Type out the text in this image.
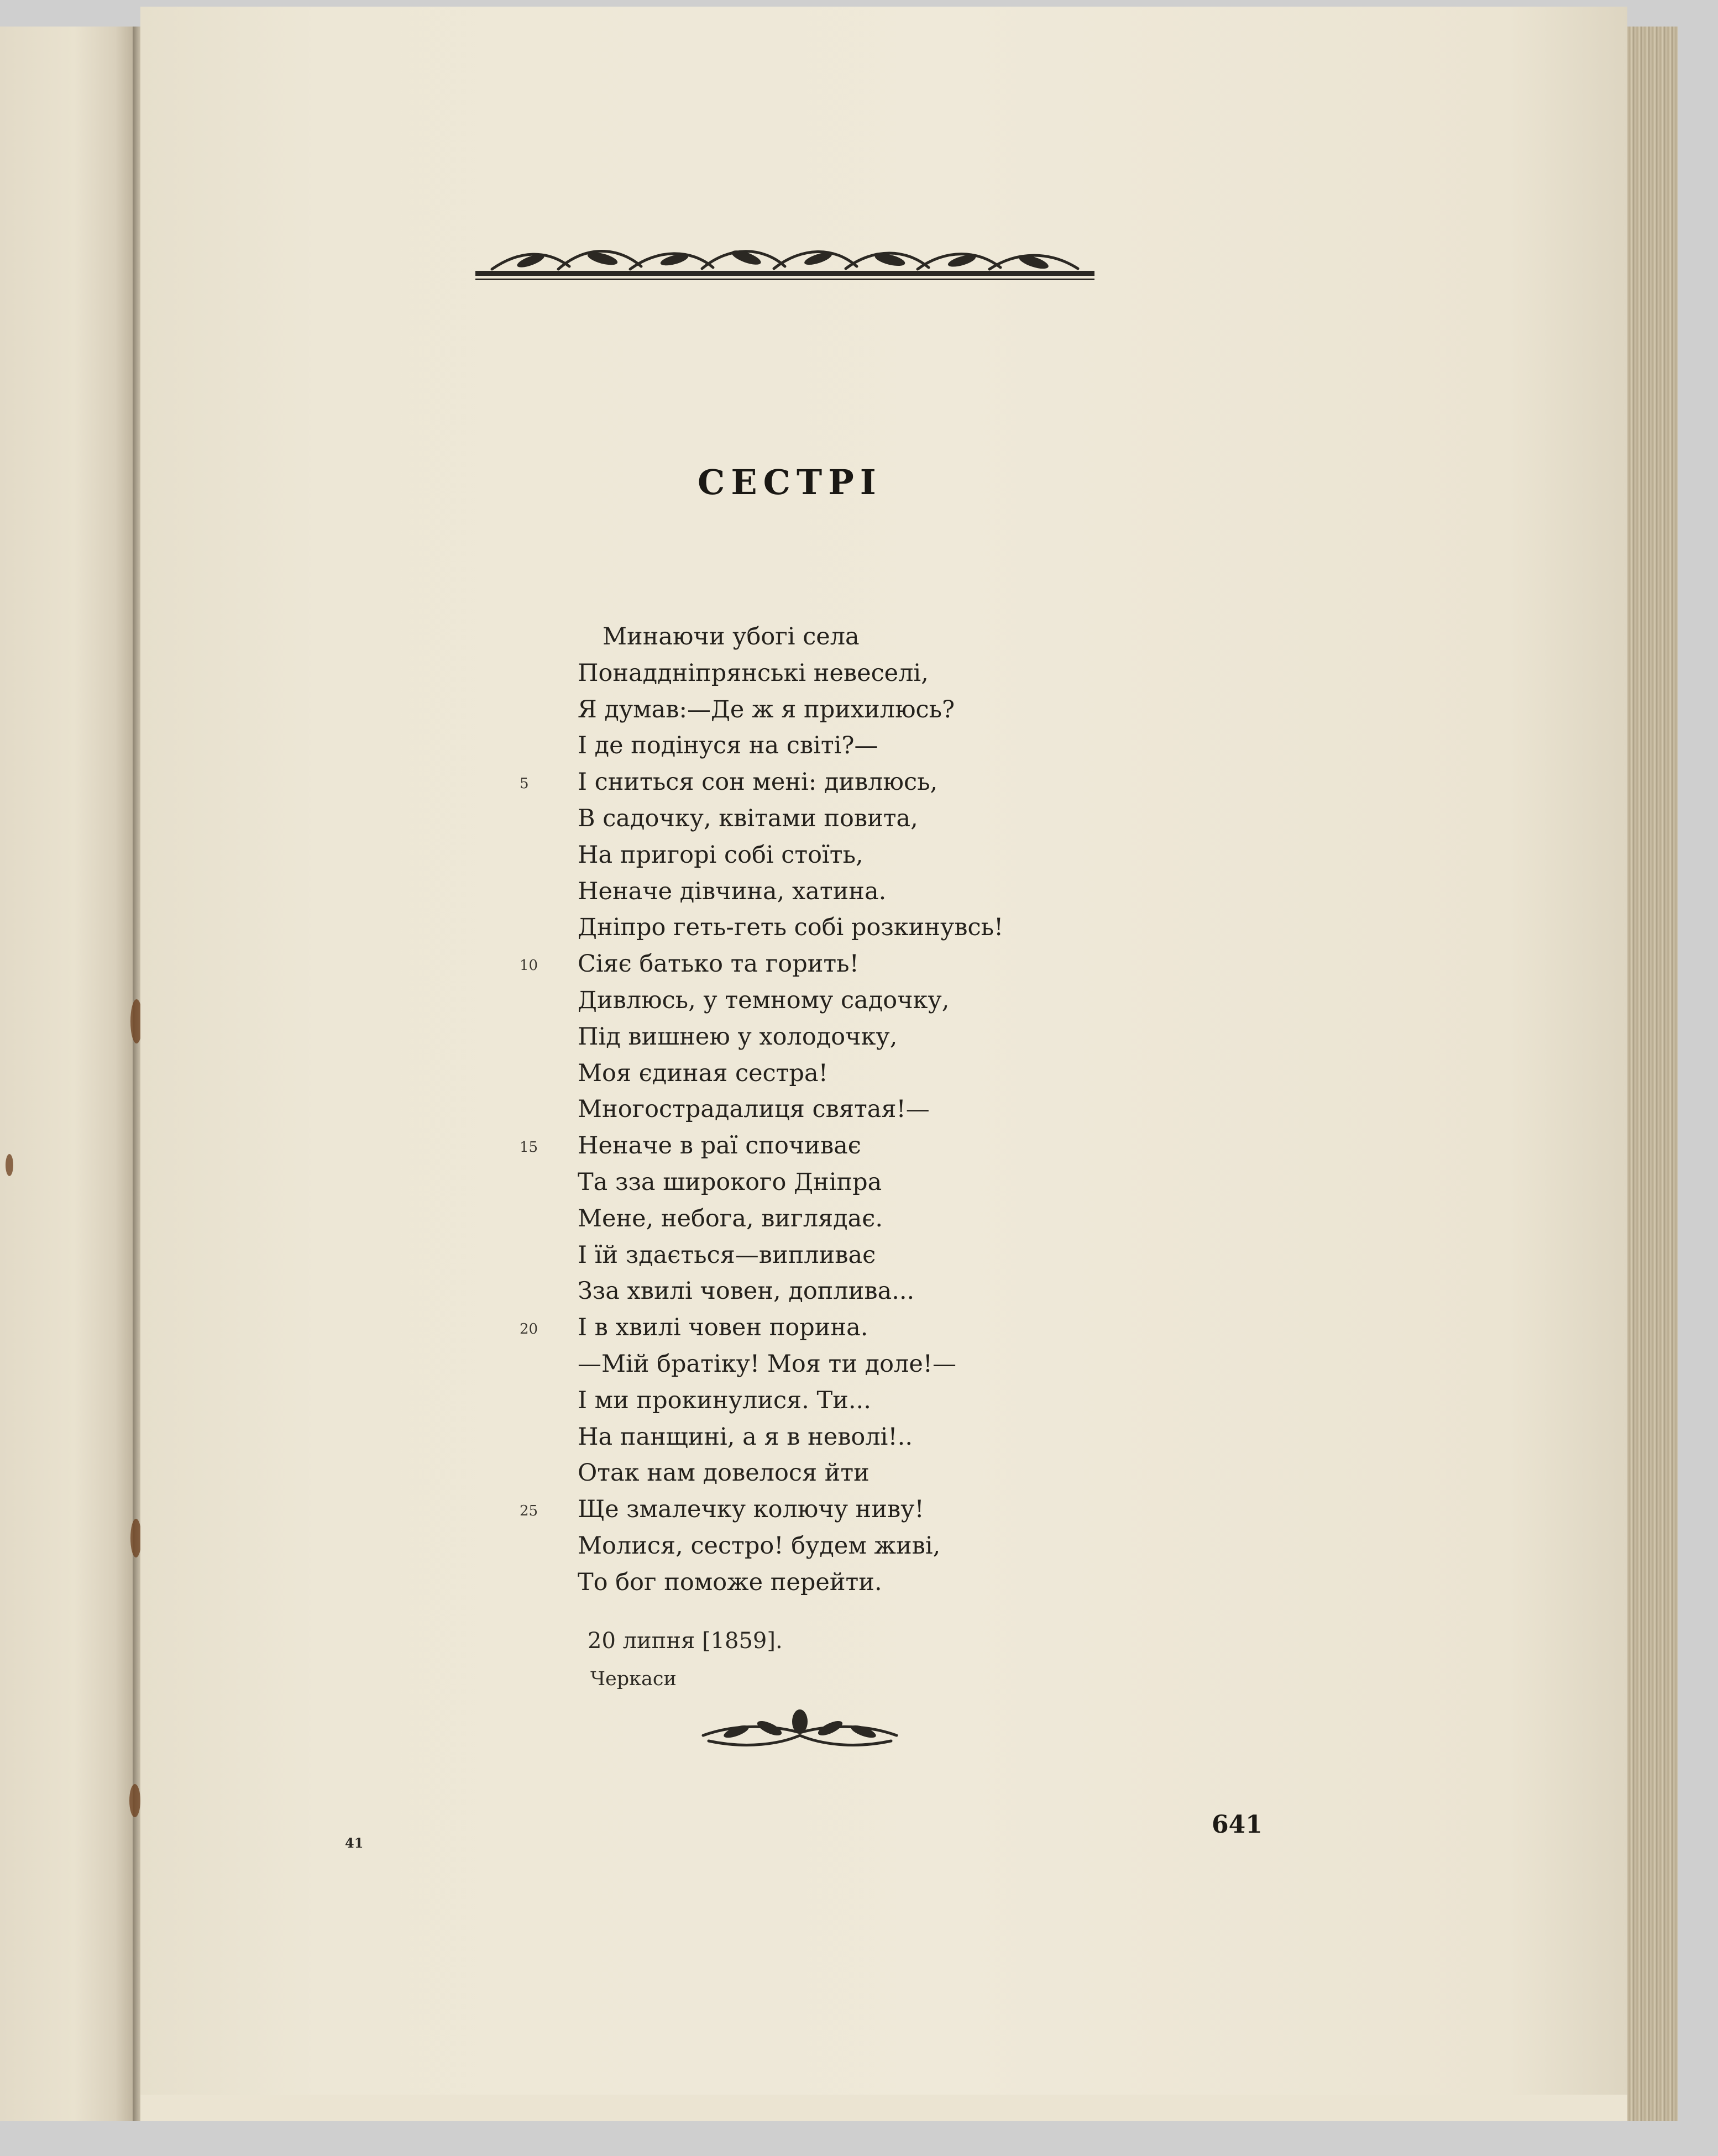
СЕСТРІ
Минаючи убогі села
Понаддніпрянські невеселі,
Я думав:—Де ж я прихилюсь?
І де подінуся на світі?—
5	І сниться сон мені: дивлюсь,
В садочку, квітами повита,
На пригорі собі стоїть,
Неначе дівчина, хатина.
Дніпро геть-геть собі розкинувсь!
10	Сіяє батько та горить!
Дивлюсь, у темному садочку,
Під вишнею у холодочку,
Моя єдиная сестра!
Многострадалиця святая!—
15	Неначе в раї спочиває
Та зза широкого Дніпра
Мене, небога, виглядає.
І їй здається—випливає
Зза хвилі човен, доплива...
20	І в хвилі човен порина.
—Мій братіку! Моя ти доле!—
І ми прокинулися. Ти...
На панщині, а я в неволі!..
Отак нам довелося йти
25	Ще змалечку колючу ниву!
Молися, сестро! будем живі,
То бог поможе перейти.

20 липня [1859].

Черкаси

41
641
